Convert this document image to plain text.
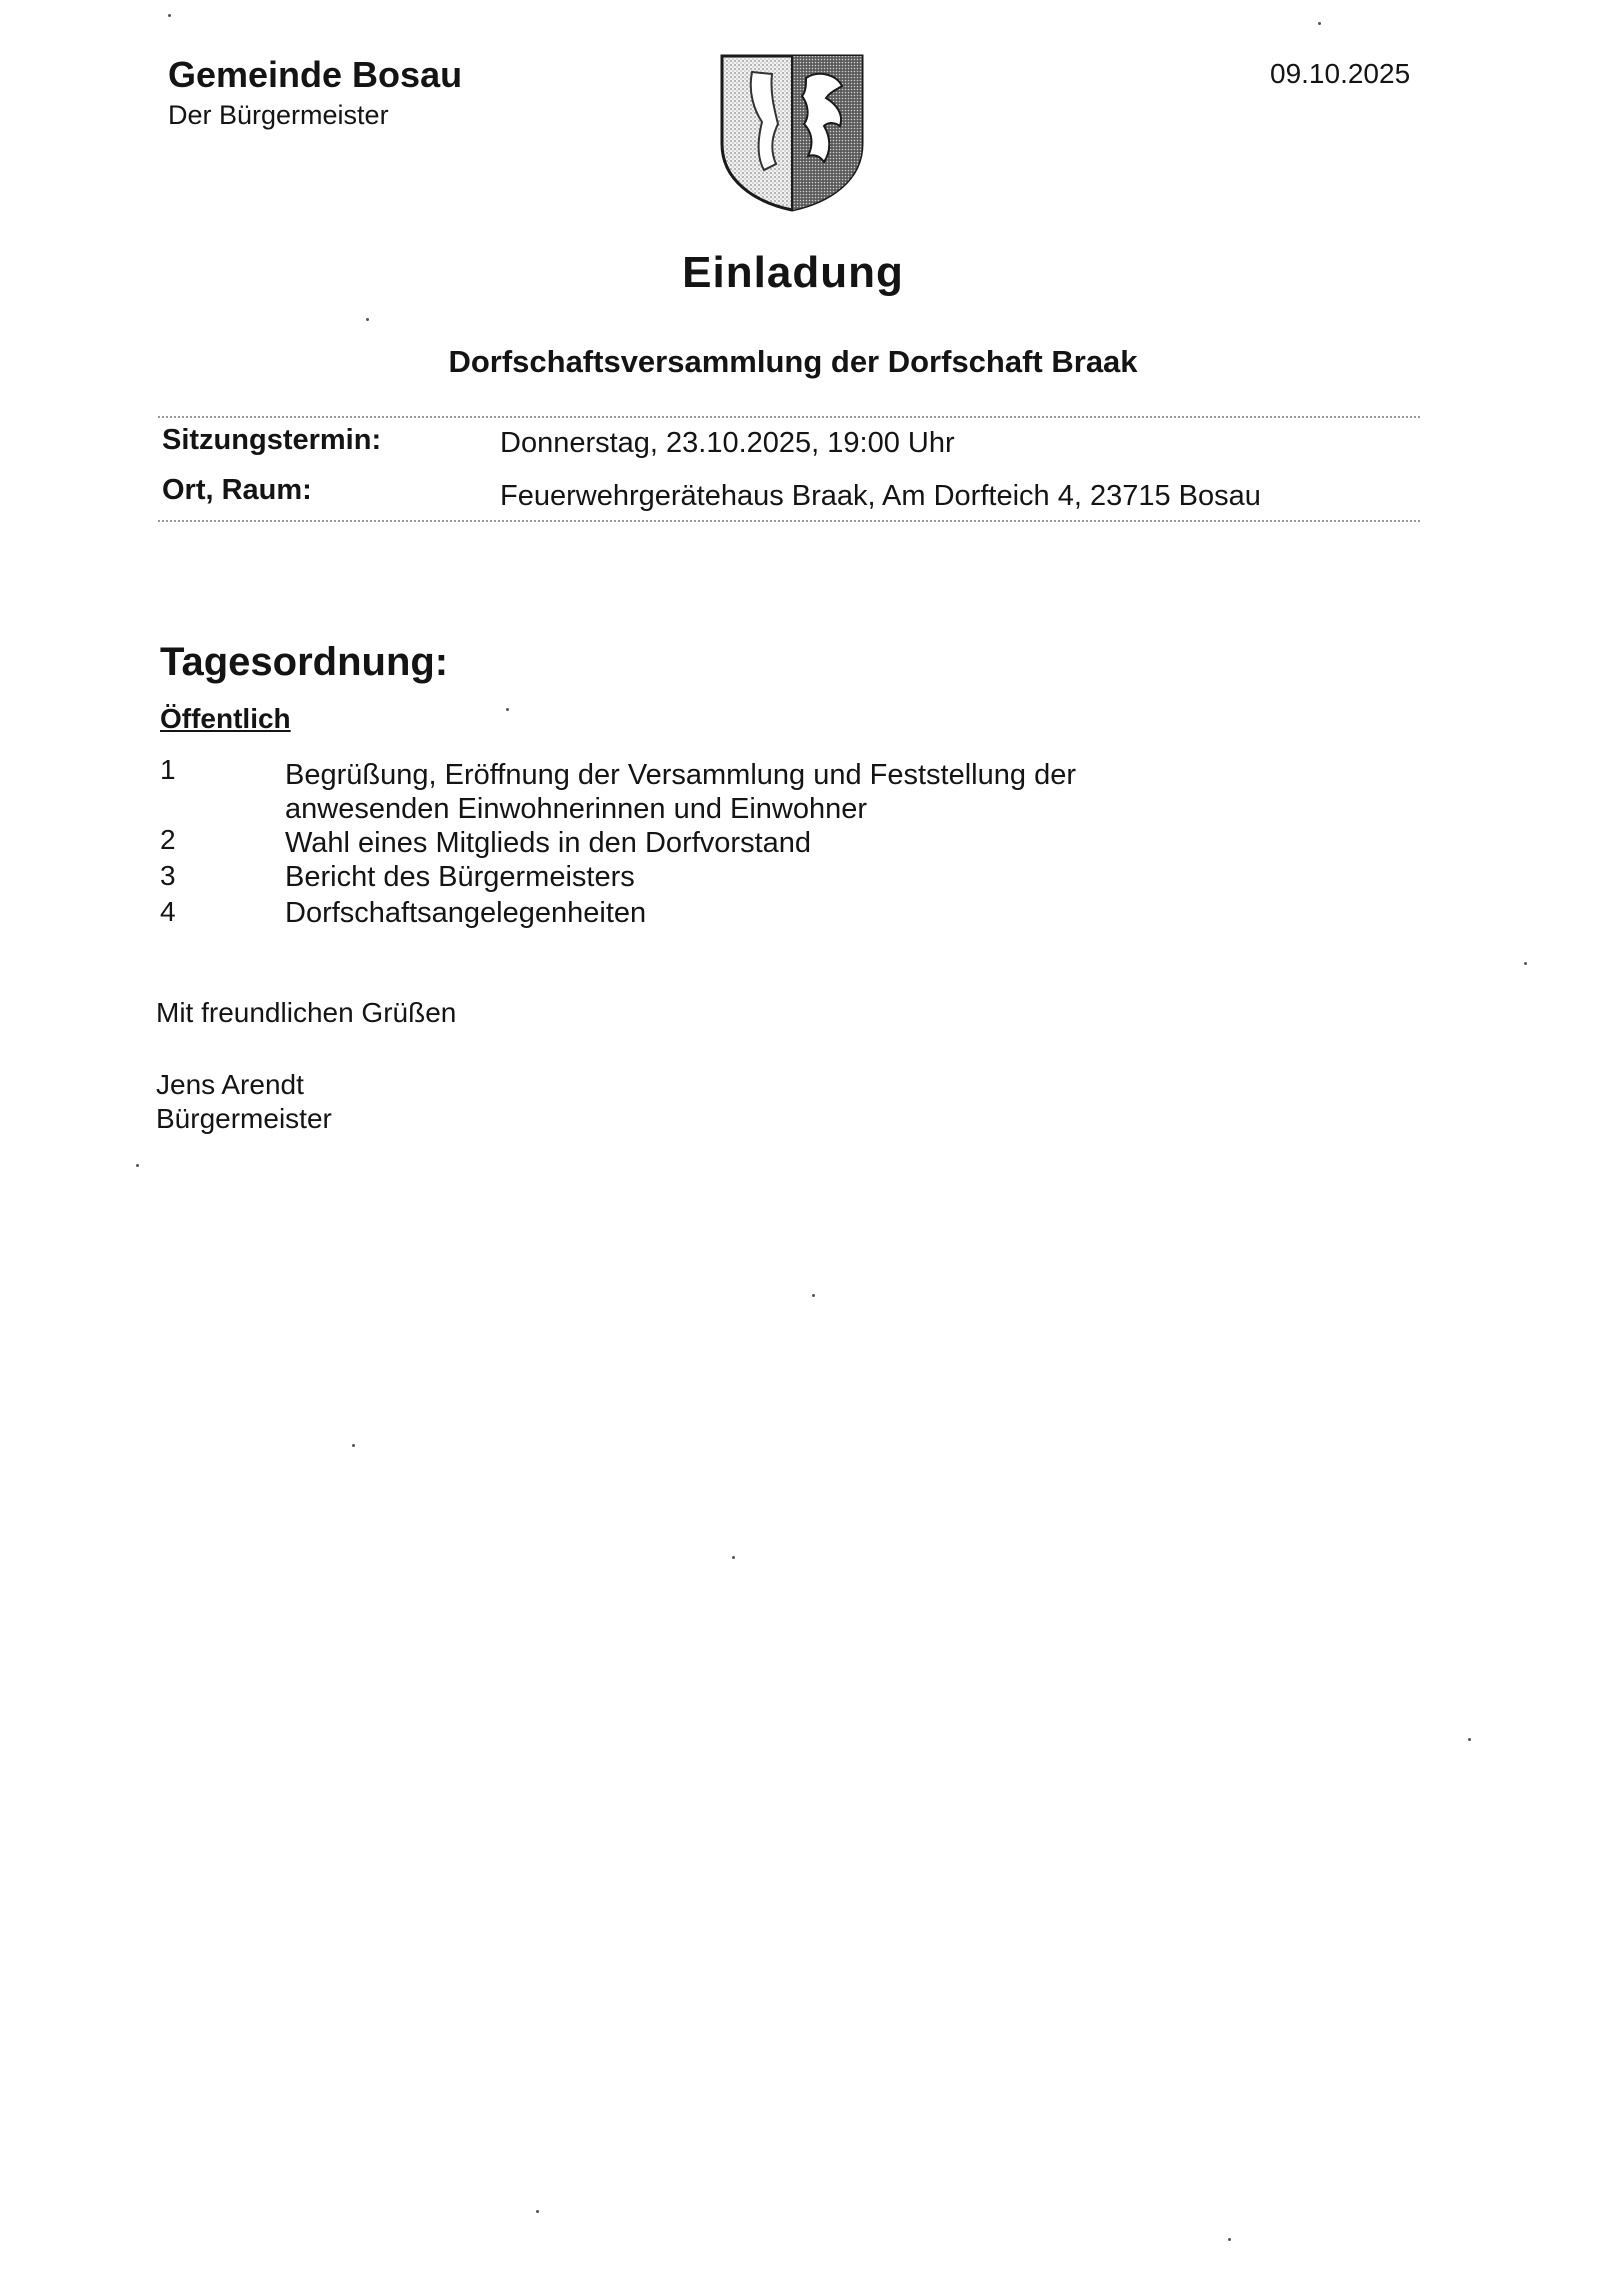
Gemeinde Bosau
Der Bürgermeister
09.10.2025
Einladung
Dorfschaftsversammlung der Dorfschaft Braak
Sitzungstermin:	Donnerstag, 23.10.2025, 19:00 Uhr
Ort, Raum:	Feuerwehrgerätehaus Braak, Am Dorfteich 4, 23715 Bosau
Tagesordnung:
Öffentlich
1	Begrüßung, Eröffnung der Versammlung und Feststellung der
anwesenden Einwohnerinnen und Einwohner
2	Wahl eines Mitglieds in den Dorfvorstand
3	Bericht des Bürgermeisters
4	Dorfschaftsangelegenheiten
Mit freundlichen Grüßen
Jens Arendt
Bürgermeister
